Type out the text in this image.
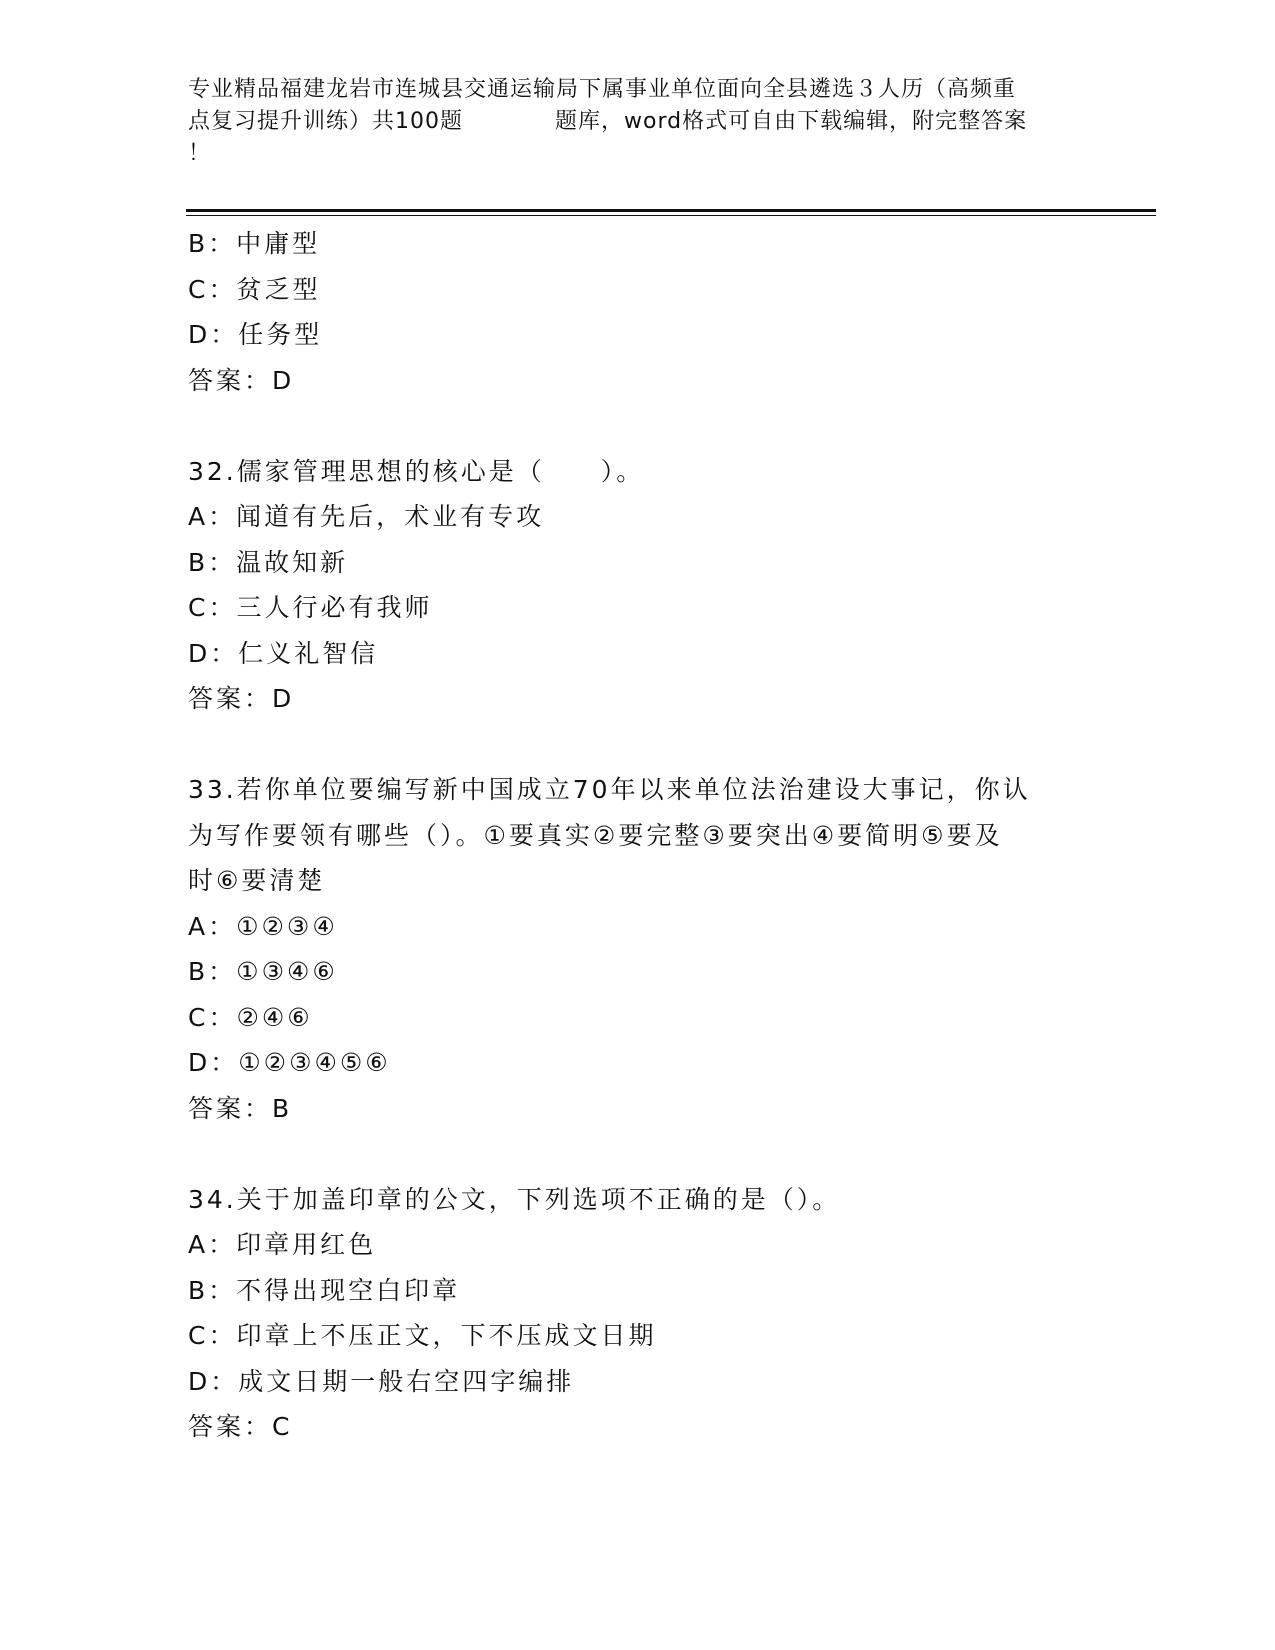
专业精品福建龙岩市连城县交通运输局下属事业单位面向全县遴选３人历（高频重
点复习提升训练）共100题　　　　题库，word格式可自由下载编辑，附完整答案
！
B：中庸型
C：贫乏型
D：任务型
答案：D
32.儒家管理思想的核心是（　　）。
A：闻道有先后，术业有专攻
B：温故知新
C：三人行必有我师
D：仁义礼智信
答案：D
33.若你单位要编写新中国成立70年以来单位法治建设大事记，你认
为写作要领有哪些（）。①要真实②要完整③要突出④要简明⑤要及
时⑥要清楚
A：①②③④
B：①③④⑥
C：②④⑥
D：①②③④⑤⑥
答案：B
34.关于加盖印章的公文，下列选项不正确的是（）。
A：印章用红色
B：不得出现空白印章
C：印章上不压正文，下不压成文日期
D：成文日期一般右空四字编排
答案：C
